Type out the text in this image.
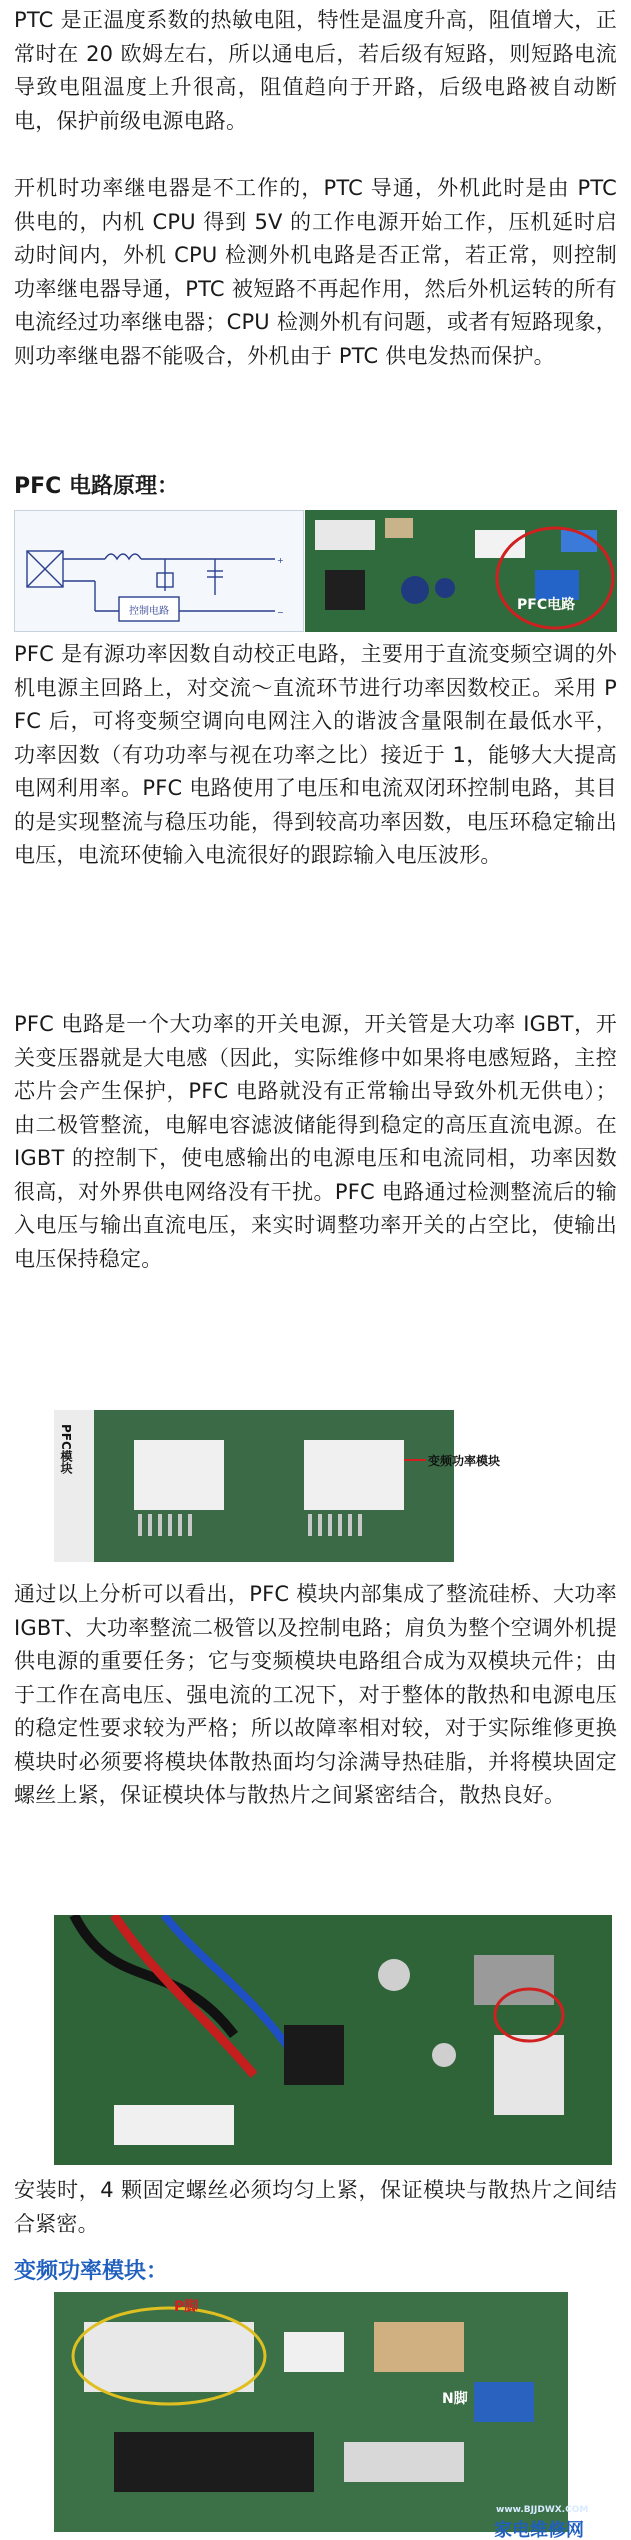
PTC 是正温度系数的热敏电阻，特性是温度升高，阻值增大，正常时在 20 欧姆左右，所以通电后，若后级有短路，则短路电流导致电阻温度上升很高，阻值趋向于开路，后级电路被自动断电，保护前级电源电路。

开机时功率继电器是不工作的，PTC 导通，外机此时是由 PTC 供电的，内机 CPU 得到 5V 的工作电源开始工作，压机延时启动时间内，外机 CPU 检测外机电路是否正常，若正常，则控制功率继电器导通，PTC 被短路不再起作用，然后外机运转的所有电流经过功率继电器；CPU 检测外机有问题，或者有短路现象，则功率继电器不能吸合，外机由于 PTC 供电发热而保护。

PFC 电路原理：
控制电路
+
−	PFC电路

PFC 是有源功率因数自动校正电路，主要用于直流变频空调的外机电源主回路上，对交流～直流环节进行功率因数校正。采用 PFC 后，可将变频空调向电网注入的谐波含量限制在最低水平，功率因数（有功功率与视在功率之比）接近于 1，能够大大提高电网利用率。PFC 电路使用了电压和电流双闭环控制电路，其目的是实现整流与稳压功能，得到较高功率因数，电压环稳定输出电压，电流环使输入电流很好的跟踪输入电压波形。

PFC 电路是一个大功率的开关电源，开关管是大功率 IGBT，开关变压器就是大电感（因此，实际维修中如果将电感短路，主控芯片会产生保护，PFC 电路就没有正常输出导致外机无供电）；由二极管整流，电解电容滤波储能得到稳定的高压直流电源。在 IGBT 的控制下，使电感输出的电源电压和电流同相，功率因数很高，对外界供电网络没有干扰。PFC 电路通过检测整流后的输入电压与输出直流电压，来实时调整功率开关的占空比，使输出电压保持稳定。

PFC模块	变频功率模块

通过以上分析可以看出，PFC 模块内部集成了整流硅桥、大功率 IGBT、大功率整流二极管以及控制电路；肩负为整个空调外机提供电源的重要任务；它与变频模块电路组合成为双模块元件；由于工作在高电压、强电流的工况下，对于整体的散热和电源电压的稳定性要求较为严格；所以故障率相对较，对于实际维修更换模块时必须要将模块体散热面均匀涂满导热硅脂，并将模块固定螺丝上紧，保证模块体与散热片之间紧密结合，散热良好。

安装时，4 颗固定螺丝必须均匀上紧，保证模块与散热片之间结合紧密。

变频功率模块：
P脚
N脚
www.BJJDWX.COM
家电维修网
